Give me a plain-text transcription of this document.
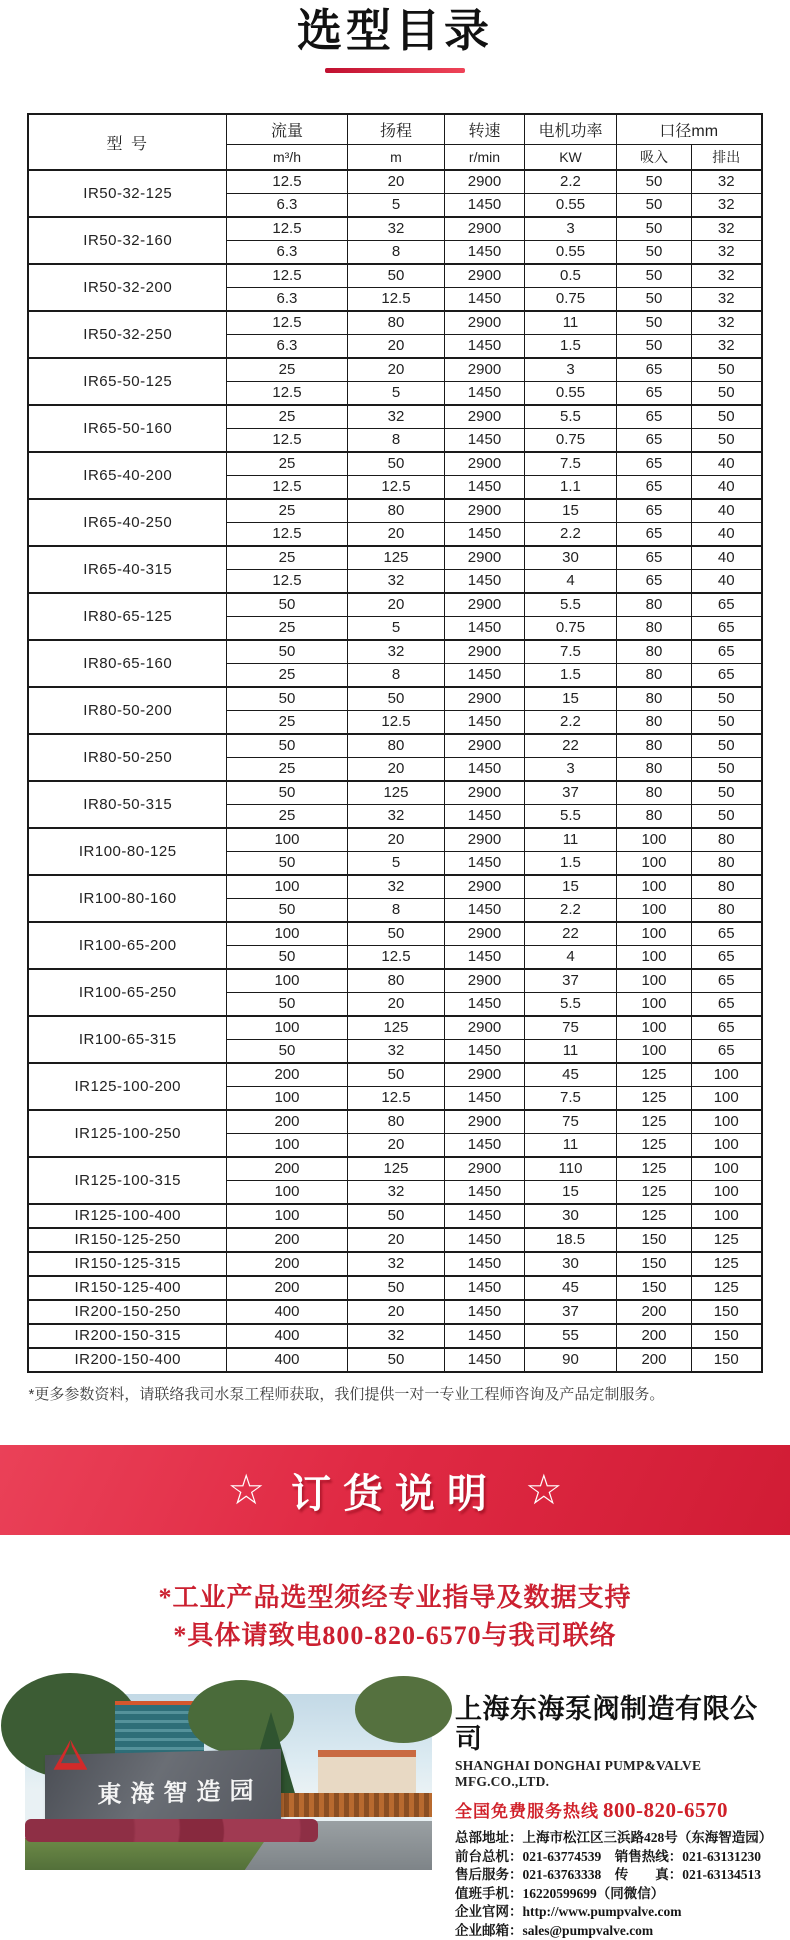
选型目录
型 号	流量	扬程	转速	电机功率	口径mm	
	m³/h	m	r/min	KW	吸入	排出
IR50-32-125	12.5	20	2900	2.2	50	32
	6.3	5	1450	0.55	50	32
IR50-32-160	12.5	32	2900	3	50	32
	6.3	8	1450	0.55	50	32
IR50-32-200	12.5	50	2900	0.5	50	32
	6.3	12.5	1450	0.75	50	32
IR50-32-250	12.5	80	2900	11	50	32
	6.3	20	1450	1.5	50	32
IR65-50-125	25	20	2900	3	65	50
	12.5	5	1450	0.55	65	50
IR65-50-160	25	32	2900	5.5	65	50
	12.5	8	1450	0.75	65	50
IR65-40-200	25	50	2900	7.5	65	40
	12.5	12.5	1450	1.1	65	40
IR65-40-250	25	80	2900	15	65	40
	12.5	20	1450	2.2	65	40
IR65-40-315	25	125	2900	30	65	40
	12.5	32	1450	4	65	40
IR80-65-125	50	20	2900	5.5	80	65
	25	5	1450	0.75	80	65
IR80-65-160	50	32	2900	7.5	80	65
	25	8	1450	1.5	80	65
IR80-50-200	50	50	2900	15	80	50
	25	12.5	1450	2.2	80	50
IR80-50-250	50	80	2900	22	80	50
	25	20	1450	3	80	50
IR80-50-315	50	125	2900	37	80	50
	25	32	1450	5.5	80	50
IR100-80-125	100	20	2900	11	100	80
	50	5	1450	1.5	100	80
IR100-80-160	100	32	2900	15	100	80
	50	8	1450	2.2	100	80
IR100-65-200	100	50	2900	22	100	65
	50	12.5	1450	4	100	65
IR100-65-250	100	80	2900	37	100	65
	50	20	1450	5.5	100	65
IR100-65-315	100	125	2900	75	100	65
	50	32	1450	11	100	65
IR125-100-200	200	50	2900	45	125	100
	100	12.5	1450	7.5	125	100
IR125-100-250	200	80	2900	75	125	100
	100	20	1450	11	125	100
IR125-100-315	200	125	2900	110	125	100
	100	32	1450	15	125	100
IR125-100-400	100	50	1450	30	125	100
IR150-125-250	200	20	1450	18.5	150	125
IR150-125-315	200	32	1450	30	150	125
IR150-125-400	200	50	1450	45	150	125
IR200-150-250	400	20	1450	37	200	150
IR200-150-315	400	32	1450	55	200	150
IR200-150-400	400	50	1450	90	200	150

*更多参数资料，请联络我司水泵工程师获取，我们提供一对一专业工程师咨询及产品定制服务。

☆ 订货说明 ☆

*工业产品选型须经专业指导及数据支持

*具体请致电800-820-6570与我司联络

東海智造园
上海东海泵阀制造有限公司
SHANGHAI DONGHAI PUMP&VALVE MFG.CO.,LTD.
全国免费服务热线 800-820-6570

总部地址：上海市松江区三浜路428号（东海智造园）

前台总机：021-63774539　销售热线：021-63131230

售后服务：021-63763338　传　　真：021-63134513

值班手机：16220599699（同微信）

企业官网：http://www.pumpvalve.com

企业邮箱：sales@pumpvalve.com
